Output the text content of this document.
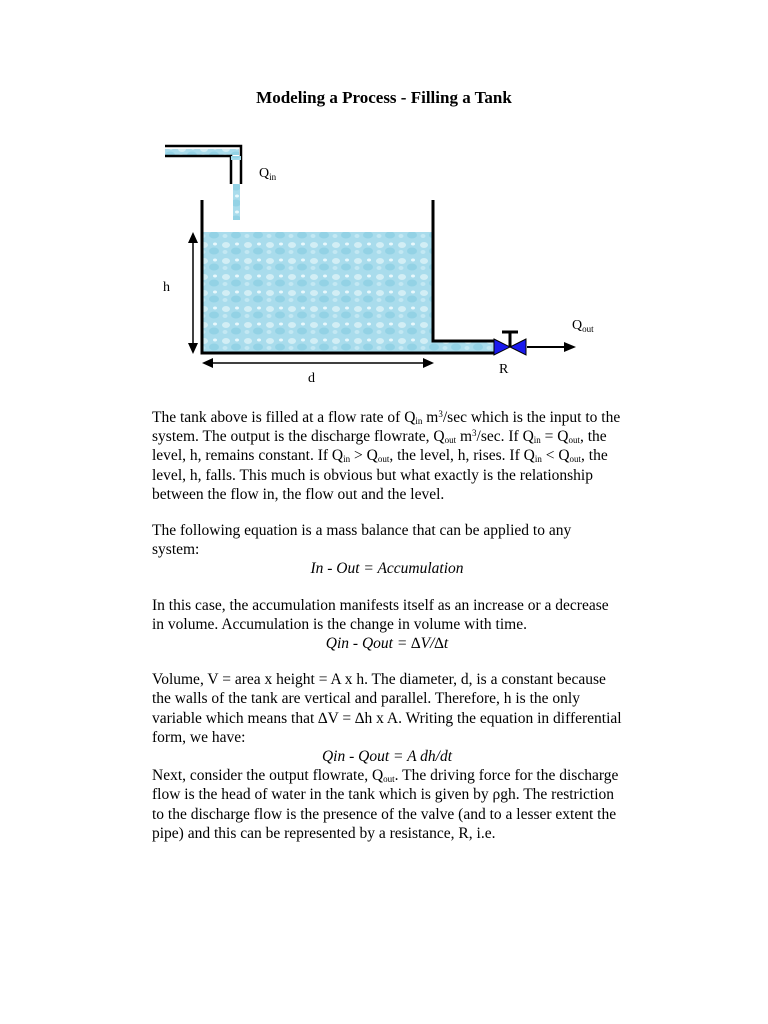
Modeling a Process - Filling a Tank
$Q_{in}$
$Q_{out}$
h
d
R

The tank above is filled at a flow rate of $Q_{in}$ $m^3/\sec$ which is the input to the system. The output is the discharge flowrate, $Q_{out}$ $m^3/\sec$. If $Q_{in} = Q_{out}$, the level, h, remains constant. If $Q_{in} > Q_{out}$, the level, h, rises. If $Q_{in} < Q_{out}$, the level, h, falls. This much is obvious but what exactly is the relationship between the flow in, the flow out and the level.

The following equation is a mass balance that can be applied to any system:

In - Out = Accumulation

In this case, the accumulation manifests itself as an increase or a decrease in volume. Accumulation is the change in volume with time.

Qin - Qout = ∆V/∆t

Volume, V = area x height = A x h. The diameter, d, is a constant because the walls of the tank are vertical and parallel. Therefore, h is the only variable which means that ∆V = ∆h x A. Writing the equation in differential form, we have:

Qin - Qout = A dh/dt

Next, consider the output flowrate, $Q_{out}$. The driving force for the discharge flow is the head of water in the tank which is given by ρgh. The restriction to the discharge flow is the presence of the valve (and to a lesser extent the pipe) and this can be represented by a resistance, R, i.e.
